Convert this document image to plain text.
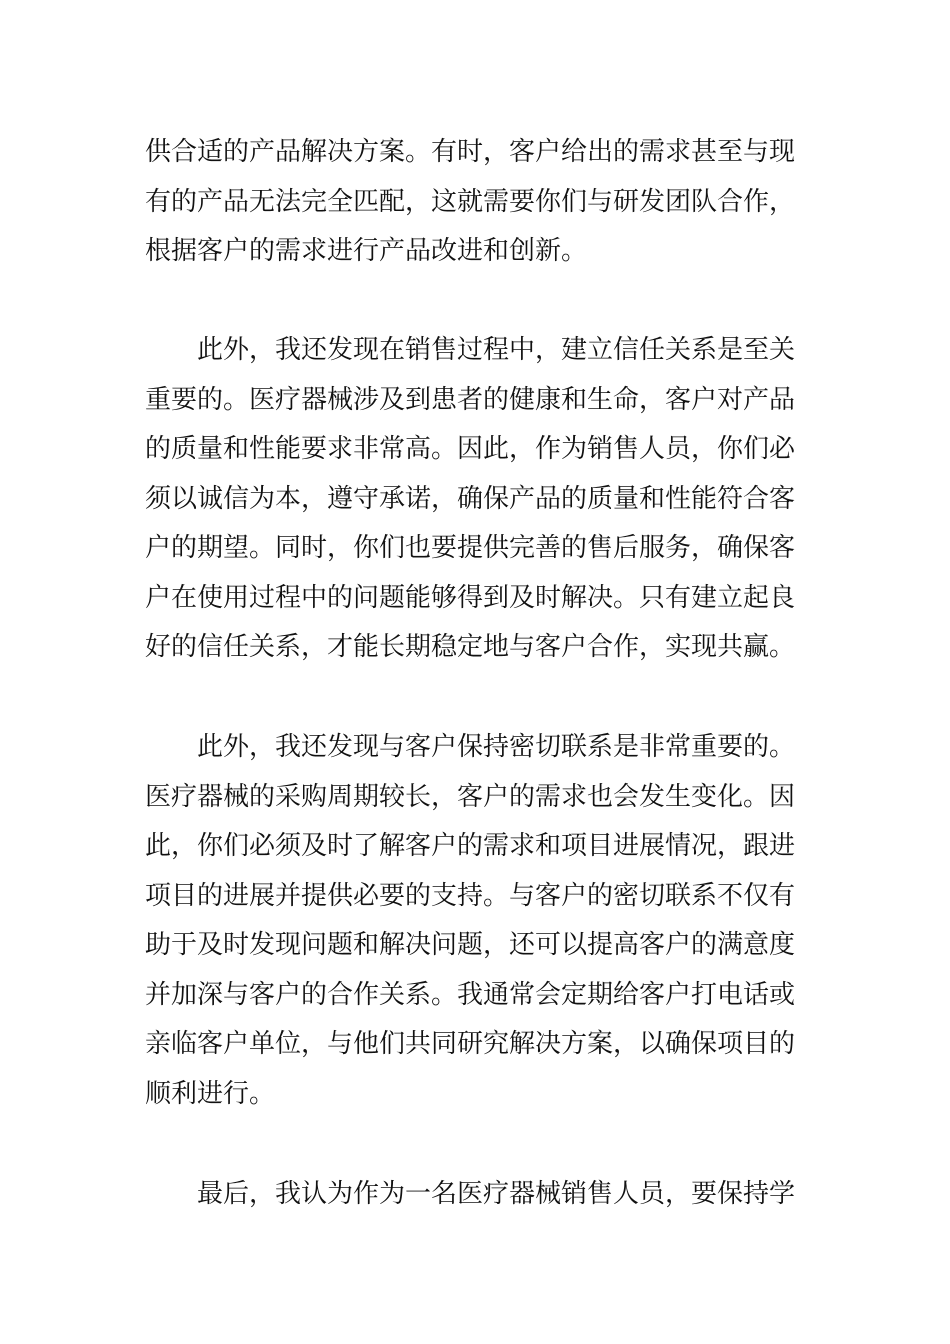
供合适的产品解决方案。有时，客户给出的需求甚至与现
有的产品无法完全匹配，这就需要你们与研发团队合作，
根据客户的需求进行产品改进和创新。
　　此外，我还发现在销售过程中，建立信任关系是至关
重要的。医疗器械涉及到患者的健康和生命，客户对产品
的质量和性能要求非常高。因此，作为销售人员，你们必
须以诚信为本，遵守承诺，确保产品的质量和性能符合客
户的期望。同时，你们也要提供完善的售后服务，确保客
户在使用过程中的问题能够得到及时解决。只有建立起良
好的信任关系，才能长期稳定地与客户合作，实现共赢。
　　此外，我还发现与客户保持密切联系是非常重要的。
医疗器械的采购周期较长，客户的需求也会发生变化。因
此，你们必须及时了解客户的需求和项目进展情况，跟进
项目的进展并提供必要的支持。与客户的密切联系不仅有
助于及时发现问题和解决问题，还可以提高客户的满意度
并加深与客户的合作关系。我通常会定期给客户打电话或
亲临客户单位，与他们共同研究解决方案，以确保项目的
顺利进行。
　　最后，我认为作为一名医疗器械销售人员，要保持学
